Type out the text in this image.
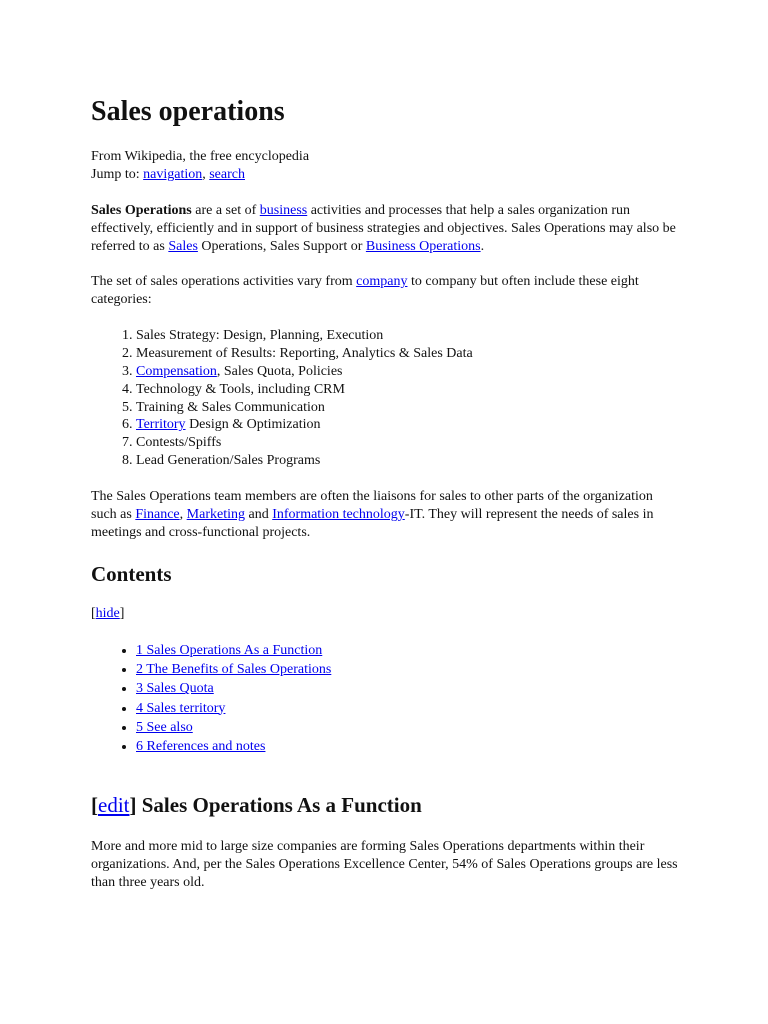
Sales operations
From Wikipedia, the free encyclopedia
Jump to: navigation, search

Sales Operations are a set of business activities and processes that help a sales organization run effectively, efficiently and in support of business strategies and objectives. Sales Operations may also be referred to as Sales Operations, Sales Support or Business Operations.

The set of sales operations activities vary from company to company but often include these eight categories:

1. Sales Strategy: Design, Planning, Execution
2. Measurement of Results: Reporting, Analytics & Sales Data
3. Compensation, Sales Quota, Policies
4. Technology & Tools, including CRM
5. Training & Sales Communication
6. Territory Design & Optimization
7. Contests/Spiffs
8. Lead Generation/Sales Programs

The Sales Operations team members are often the liaisons for sales to other parts of the organization such as Finance, Marketing and Information technology-IT. They will represent the needs of sales in meetings and cross-functional projects.

Contents
[hide]
• 1 Sales Operations As a Function
• 2 The Benefits of Sales Operations
• 3 Sales Quota
• 4 Sales territory
• 5 See also
• 6 References and notes
[edit] Sales Operations As a Function

More and more mid to large size companies are forming Sales Operations departments within their organizations. And, per the Sales Operations Excellence Center, 54% of Sales Operations groups are less than three years old.
